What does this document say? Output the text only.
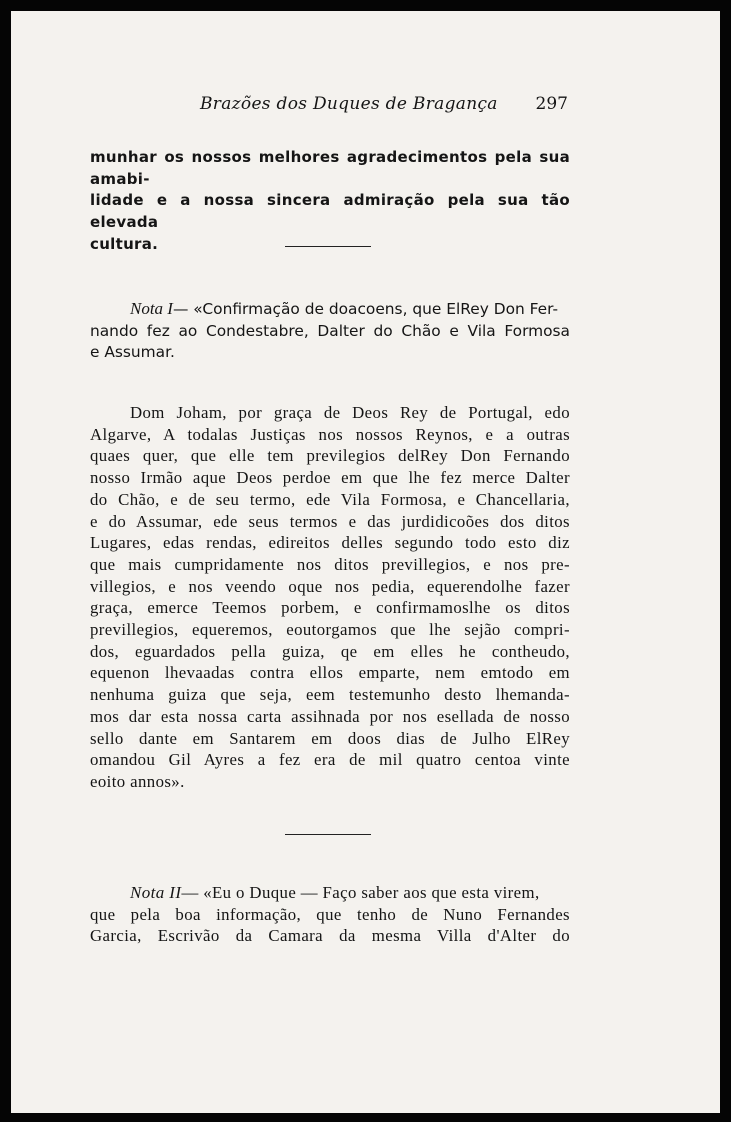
Brazões dos Duques de Bragança 297

munhar os nossos melhores agradecimentos pela sua amabi-
lidade e a nossa sincera admiração pela sua tão elevada
cultura.

Nota I— «Confirmação de doacoens, que ElRey Don Fer-
nando fez ao Condestabre, Dalter do Chão e Vila Formosa
e Assumar.

Dom Joham, por graça de Deos Rey de Portugal, edo
Algarve, A todalas Justiças nos nossos Reynos, e a outras
quaes quer, que elle tem previlegios delRey Don Fernando
nosso Irmão aque Deos perdoe em que lhe fez merce Dalter
do Chão, e de seu termo, ede Vila Formosa, e Chancellaria,
e do Assumar, ede seus termos e das jurdidicoões dos ditos
Lugares, edas rendas, edireitos delles segundo todo esto diz
que mais cumpridamente nos ditos previllegios, e nos pre-
villegios, e nos veendo oque nos pedia, equerendolhe fazer
graça, emerce Teemos porbem, e confirmamoslhe os ditos
previllegios, equeremos, eoutorgamos que lhe sejão compri-
dos, eguardados pella guiza, qe em elles he contheudo,
equenon lhevaadas contra ellos emparte, nem emtodo em
nenhuma guiza que seja, eem testemunho desto lhemanda-
mos dar esta nossa carta assihnada por nos esellada de nosso
sello dante em Santarem em doos dias de Julho ElRey
omandou Gil Ayres a fez era de mil quatro centoa vinte
eoito annos».

Nota II— «Eu o Duque — Faço saber aos que esta virem,
que pela boa informação, que tenho de Nuno Fernandes
Garcia, Escrivão da Camara da mesma Villa d'Alter do
